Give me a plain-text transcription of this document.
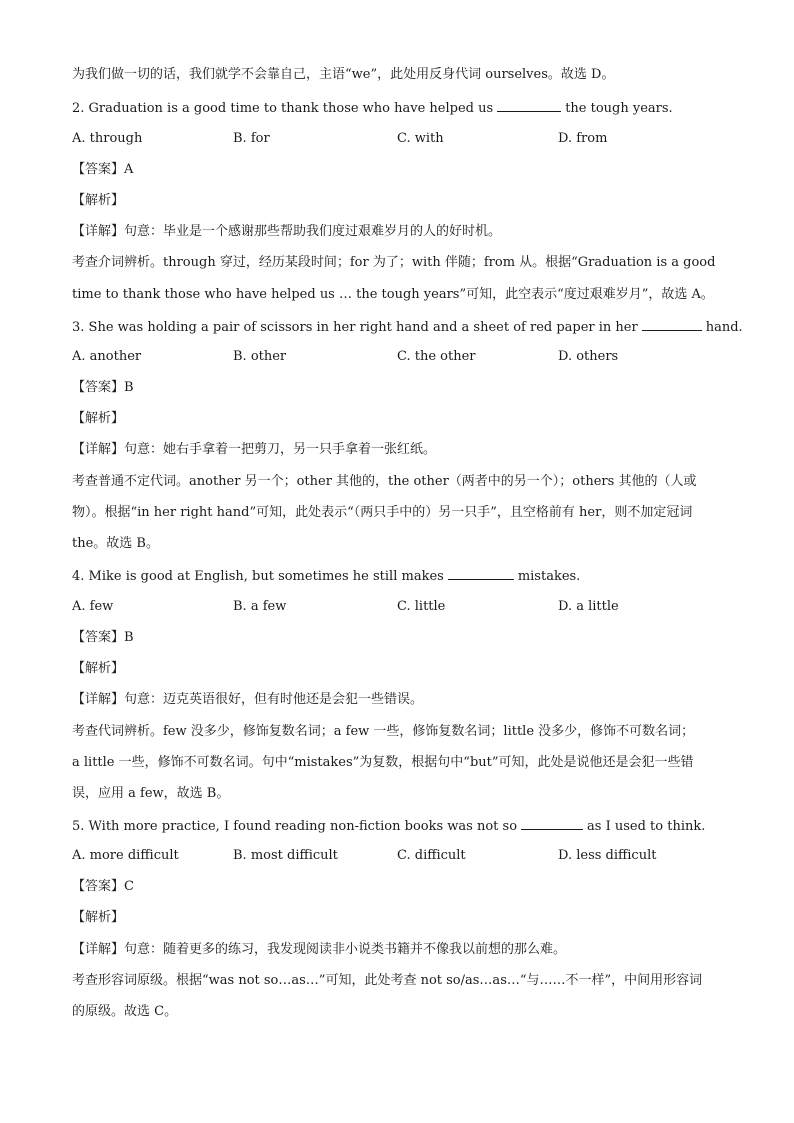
为我们做一切的话，我们就学不会靠自己，主语“we”，此处用反身代词 ourselves。故选 D。
2. Graduation is a good time to thank those who have helped us	the tough years.
A. through	B. for	C. with	D. from
【答案】A
【解析】
【详解】句意：毕业是一个感谢那些帮助我们度过艰难岁月的人的好时机。
考查介词辨析。through 穿过，经历某段时间；for 为了；with 伴随；from 从。根据“Graduation is a good
time to thank those who have helped us … the tough years”可知，此空表示“度过艰难岁月”，故选 A。
3. She was holding a pair of scissors in her right hand and a sheet of red paper in her	hand.
A. another	B. other	C. the other	D. others
【答案】B
【解析】
【详解】句意：她右手拿着一把剪刀，另一只手拿着一张红纸。
考查普通不定代词。another 另一个；other 其他的，the other（两者中的另一个）；others 其他的（人或
物）。根据“in her right hand”可知，此处表示“（两只手中的）另一只手”，且空格前有 her，则不加定冠词
the。故选 B。
4. Mike is good at English, but sometimes he still makes	mistakes.
A. few	B. a few	C. little	D. a little
【答案】B
【解析】
【详解】句意：迈克英语很好，但有时他还是会犯一些错误。
考查代词辨析。few 没多少，修饰复数名词；a few 一些，修饰复数名词；little 没多少，修饰不可数名词；
a little 一些，修饰不可数名词。句中“mistakes”为复数，根据句中“but”可知，此处是说他还是会犯一些错
误，应用 a few，故选 B。
5. With more practice, I found reading non-fiction books was not so	as I used to think.
A. more difficult	B. most difficult	C. difficult	D. less difficult
【答案】C
【解析】
【详解】句意：随着更多的练习，我发现阅读非小说类书籍并不像我以前想的那么难。
考查形容词原级。根据“was not so…as…”可知，此处考查 not so/as…as…“与……不一样”，中间用形容词
的原级。故选 C。
